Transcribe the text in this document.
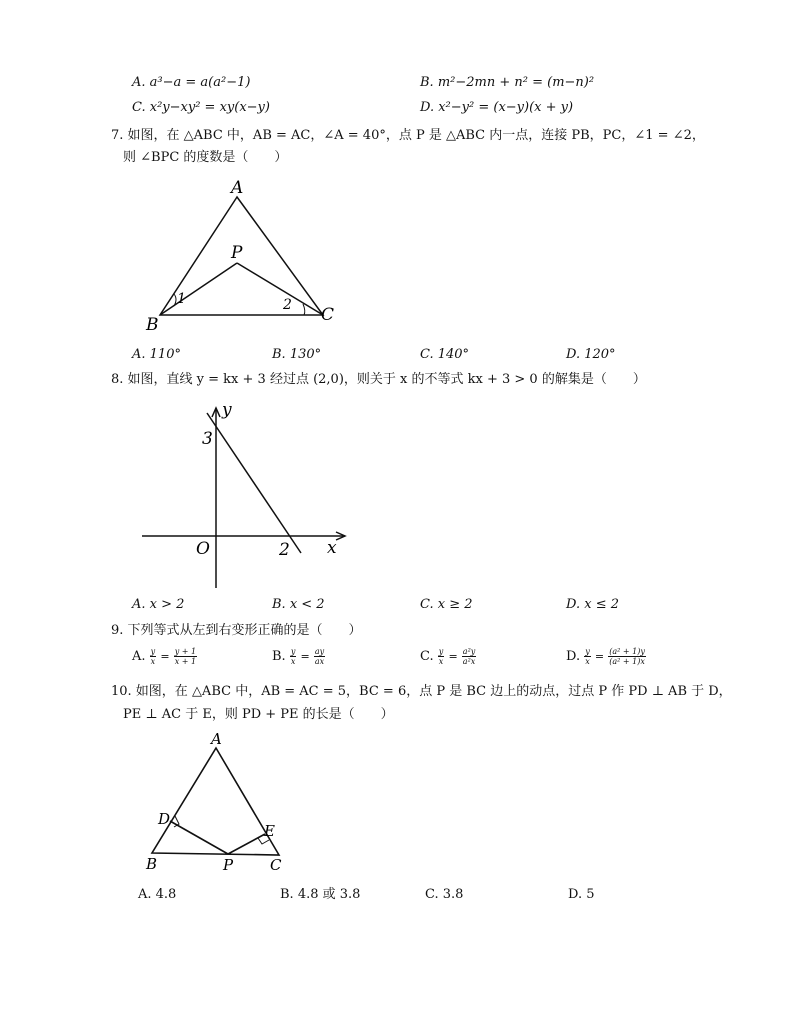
A. a³−a = a(a²−1)	B. m²−2mn + n² = (m−n)²
C. x²y−xy² = xy(x−y)	D. x²−y² = (x−y)(x + y)
7. 如图，在 △ABC 中，AB = AC，∠A = 40°，点 P 是 △ABC 内一点，连接 PB，PC，∠1 = ∠2，
则 ∠BPC 的度数是（　　）
A
B	C
P
1	2
A. 110°	B. 130°	C. 140°	D. 120°
8. 如图，直线 y = kx + 3 经过点 (2,0)，则关于 x 的不等式 kx + 3 > 0 的解集是（　　）
y
x
O
3
2
A. x > 2	B. x < 2	C. x ≥ 2	D. x ≤ 2
9. 下列等式从左到右变形正确的是（　　）
A. $\frac{y}{x} = \frac{y + 1}{x + 1}$	B. $\frac{y}{x} = \frac{ay}{ax}$	C. $\frac{y}{x} = \frac{\text{a²y}}{\text{a²x}}$	D. $\frac{y}{x} = \frac{\text{(a² + 1)y}}{\text{(a² + 1)x}}$
10. 如图，在 △ABC 中，AB = AC = 5，BC = 6，点 P 是 BC 边上的动点，过点 P 作 PD ⊥ AB 于 D，
PE ⊥ AC 于 E，则 PD + PE 的长是（　　）
A
B	C
D
E
P
A. 4.8	B. 4.8 或 3.8	C. 3.8	D. 5
